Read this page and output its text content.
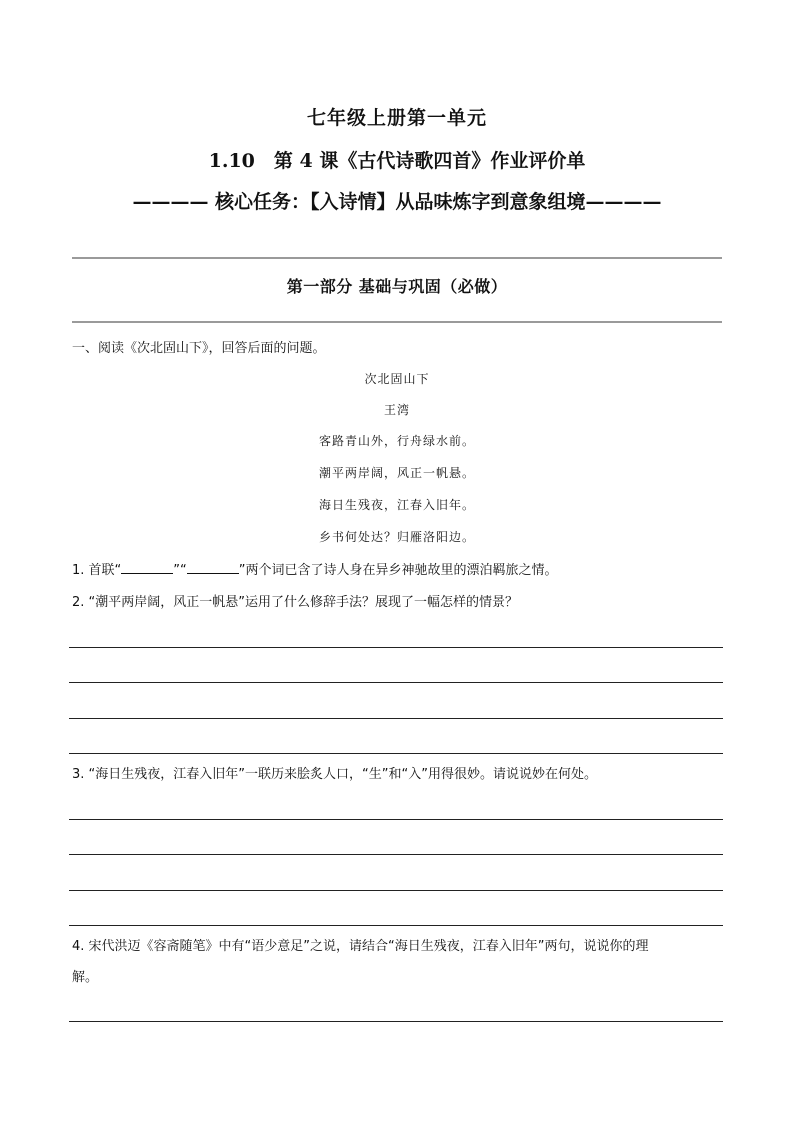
七年级上册第一单元
1.10  第 4 课《古代诗歌四首》作业评价单
———— 核心任务：【入诗情】从品味炼字到意象组境————
第一部分 基础与巩固（必做）
一、阅读《次北固山下》，回答后面的问题。
次北固山下
王湾
客路青山外，行舟绿水前。
潮平两岸阔，风正一帆悬。
海日生残夜，江春入旧年。
乡书何处达？归雁洛阳边。
1. 首联“	”“	”两个词已含了诗人身在异乡神驰故里的漂泊羁旅之情。
2. “潮平两岸阔，风正一帆悬”运用了什么修辞手法？展现了一幅怎样的情景？
3. “海日生残夜，江春入旧年”一联历来脍炙人口，“生”和“入”用得很妙。请说说妙在何处。
4. 宋代洪迈《容斋随笔》中有“语少意足”之说，请结合“海日生残夜，江春入旧年”两句，说说你的理
解。
